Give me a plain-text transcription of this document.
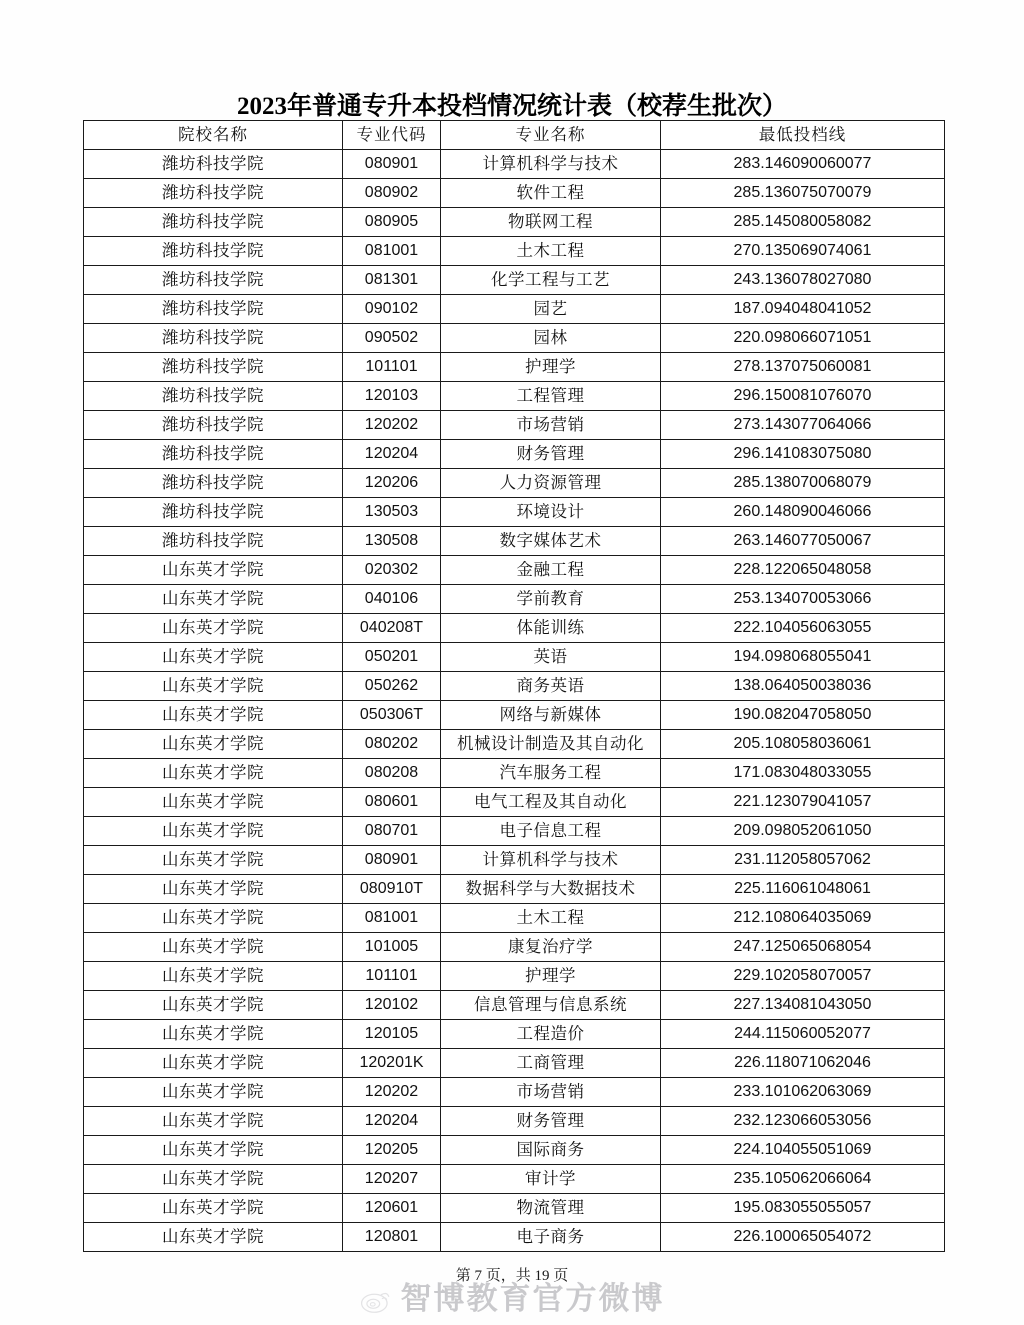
2023年普通专升本投档情况统计表（校荐生批次）
院校名称	专业代码	专业名称	最低投档线
潍坊科技学院	080901	计算机科学与技术	283.146090060077
潍坊科技学院	080902	软件工程	285.136075070079
潍坊科技学院	080905	物联网工程	285.145080058082
潍坊科技学院	081001	土木工程	270.135069074061
潍坊科技学院	081301	化学工程与工艺	243.136078027080
潍坊科技学院	090102	园艺	187.094048041052
潍坊科技学院	090502	园林	220.098066071051
潍坊科技学院	101101	护理学	278.137075060081
潍坊科技学院	120103	工程管理	296.150081076070
潍坊科技学院	120202	市场营销	273.143077064066
潍坊科技学院	120204	财务管理	296.141083075080
潍坊科技学院	120206	人力资源管理	285.138070068079
潍坊科技学院	130503	环境设计	260.148090046066
潍坊科技学院	130508	数字媒体艺术	263.146077050067
山东英才学院	020302	金融工程	228.122065048058
山东英才学院	040106	学前教育	253.134070053066
山东英才学院	040208T	体能训练	222.104056063055
山东英才学院	050201	英语	194.098068055041
山东英才学院	050262	商务英语	138.064050038036
山东英才学院	050306T	网络与新媒体	190.082047058050
山东英才学院	080202	机械设计制造及其自动化	205.108058036061
山东英才学院	080208	汽车服务工程	171.083048033055
山东英才学院	080601	电气工程及其自动化	221.123079041057
山东英才学院	080701	电子信息工程	209.098052061050
山东英才学院	080901	计算机科学与技术	231.112058057062
山东英才学院	080910T	数据科学与大数据技术	225.116061048061
山东英才学院	081001	土木工程	212.108064035069
山东英才学院	101005	康复治疗学	247.125065068054
山东英才学院	101101	护理学	229.102058070057
山东英才学院	120102	信息管理与信息系统	227.134081043050
山东英才学院	120105	工程造价	244.115060052077
山东英才学院	120201K	工商管理	226.118071062046
山东英才学院	120202	市场营销	233.101062063069
山东英才学院	120204	财务管理	232.123066053056
山东英才学院	120205	国际商务	224.104055051069
山东英才学院	120207	审计学	235.105062066064
山东英才学院	120601	物流管理	195.083055055057
山东英才学院	120801	电子商务	226.100065054072
第 7 页，共 19 页
智博教育官方微博
